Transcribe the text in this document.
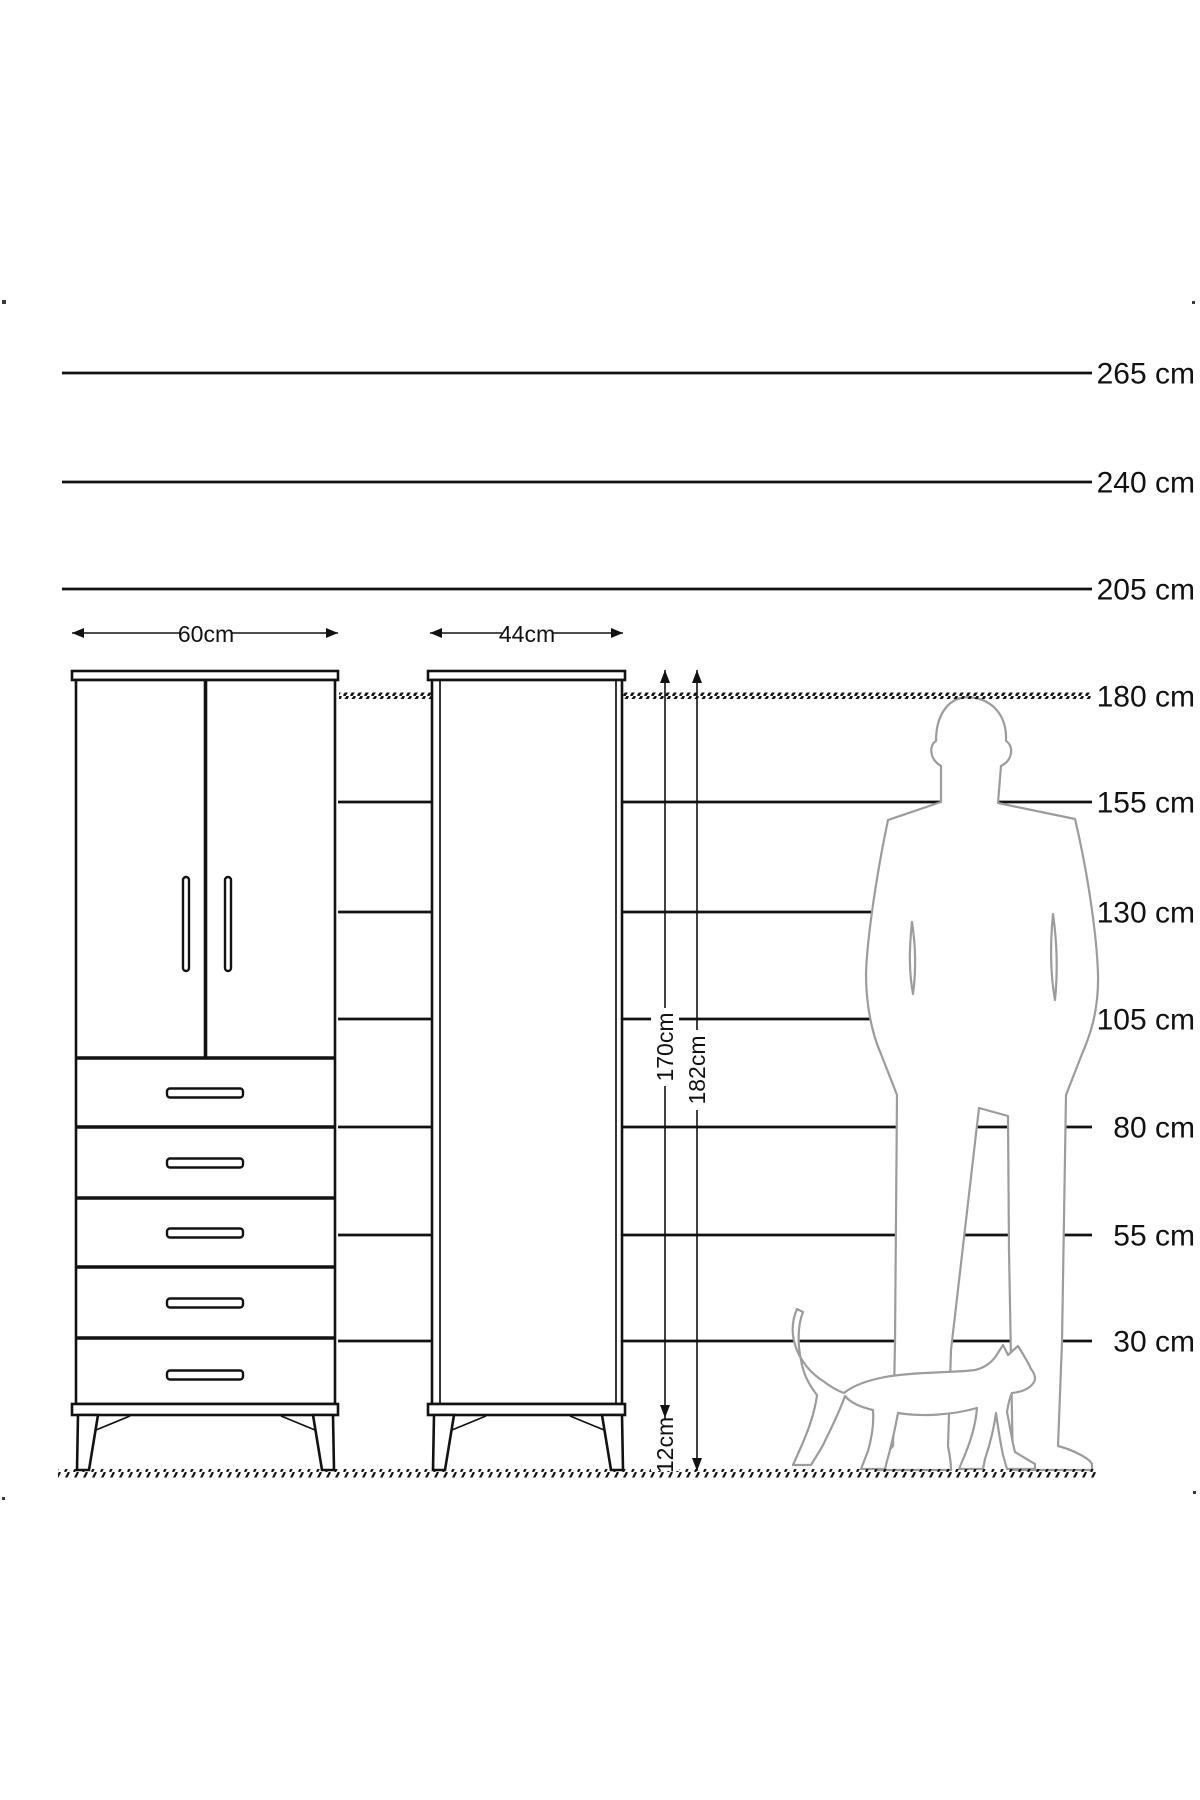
60cm	44cm
170cm
12cm
182cm
265 cm
240 cm
205 cm
180 cm
155 cm
130 cm
105 cm
80 cm
55 cm
30 cm
